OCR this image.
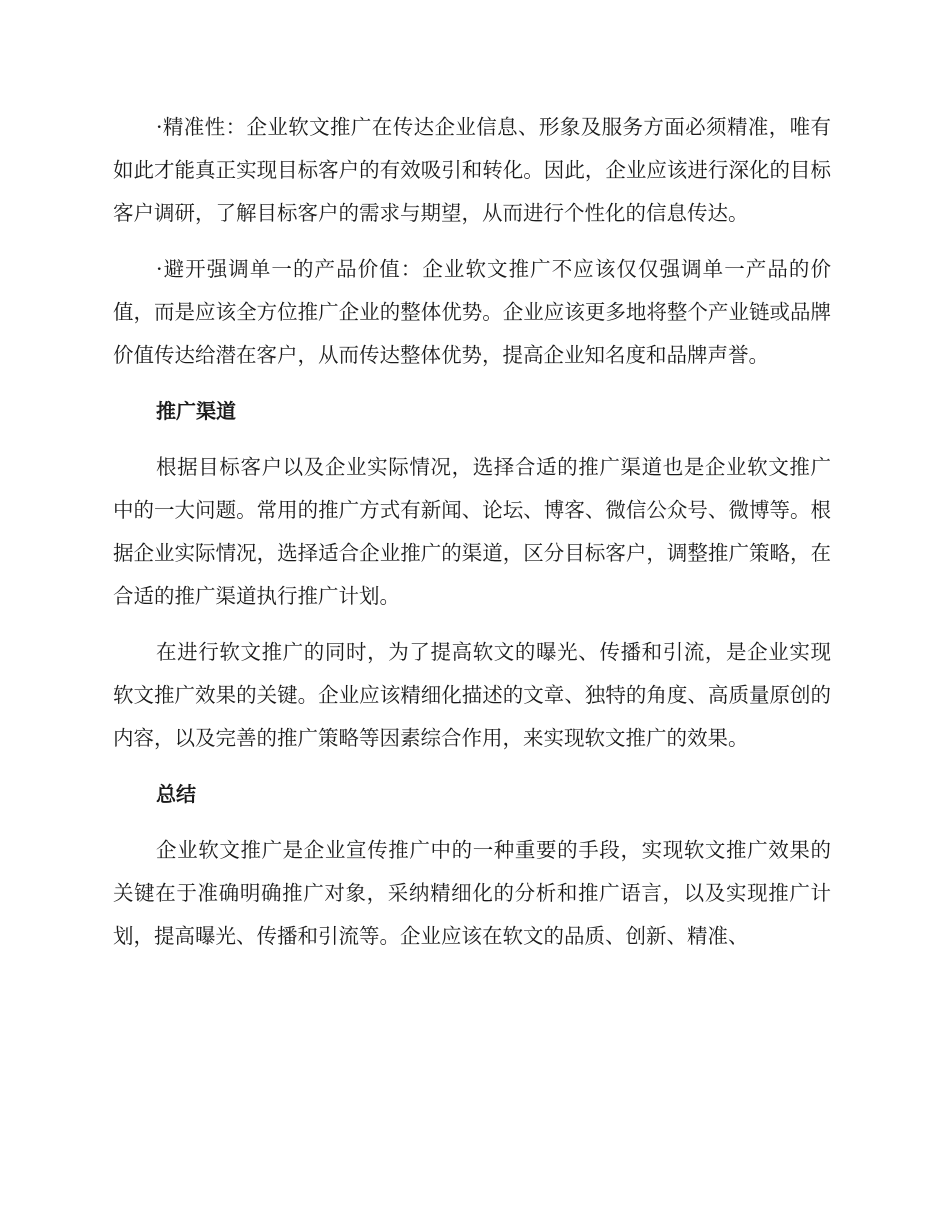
·精准性：企业软文推广在传达企业信息、形象及服务方面必须精准，唯有如此才能真正实现目标客户的有效吸引和转化。因此，企业应该进行深化的目标客户调研，了解目标客户的需求与期望，从而进行个性化的信息传达。

·避开强调单一的产品价值：企业软文推广不应该仅仅强调单一产品的价值，而是应该全方位推广企业的整体优势。企业应该更多地将整个产业链或品牌价值传达给潜在客户，从而传达整体优势，提高企业知名度和品牌声誉。

推广渠道

根据目标客户以及企业实际情况，选择合适的推广渠道也是企业软文推广中的一大问题。常用的推广方式有新闻、论坛、博客、微信公众号、微博等。根据企业实际情况，选择适合企业推广的渠道，区分目标客户，调整推广策略，在合适的推广渠道执行推广计划。

在进行软文推广的同时，为了提高软文的曝光、传播和引流，是企业实现软文推广效果的关键。企业应该精细化描述的文章、独特的角度、高质量原创的内容，以及完善的推广策略等因素综合作用，来实现软文推广的效果。

总结

企业软文推广是企业宣传推广中的一种重要的手段，实现软文推广效果的关键在于准确明确推广对象，采纳精细化的分析和推广语言，以及实现推广计划，提高曝光、传播和引流等。企业应该在软文的品质、创新、精准、
